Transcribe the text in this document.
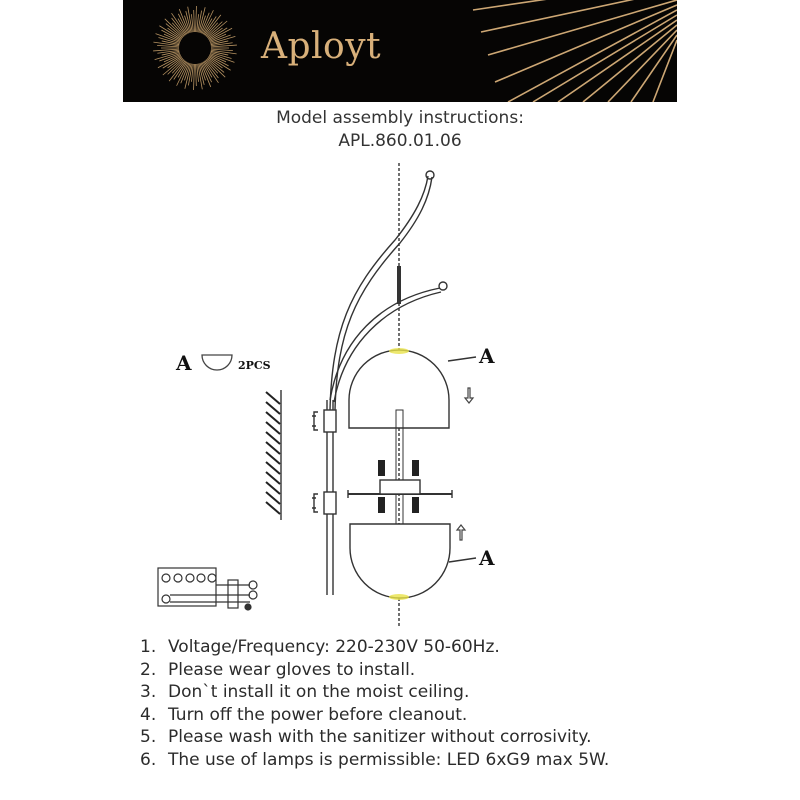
Aployt
Model assembly instructions:
APL.860.01.06
A	2PCS	A
A
1. Voltage/Frequency: 220-230V 50-60Hz.
2. Please wear gloves to install.
3. Don`t install it on the moist ceiling.
4. Turn off the power before cleanout.
5. Please wash with the sanitizer without corrosivity.
6. The use of lamps is permissible: LED 6xG9 max 5W.
